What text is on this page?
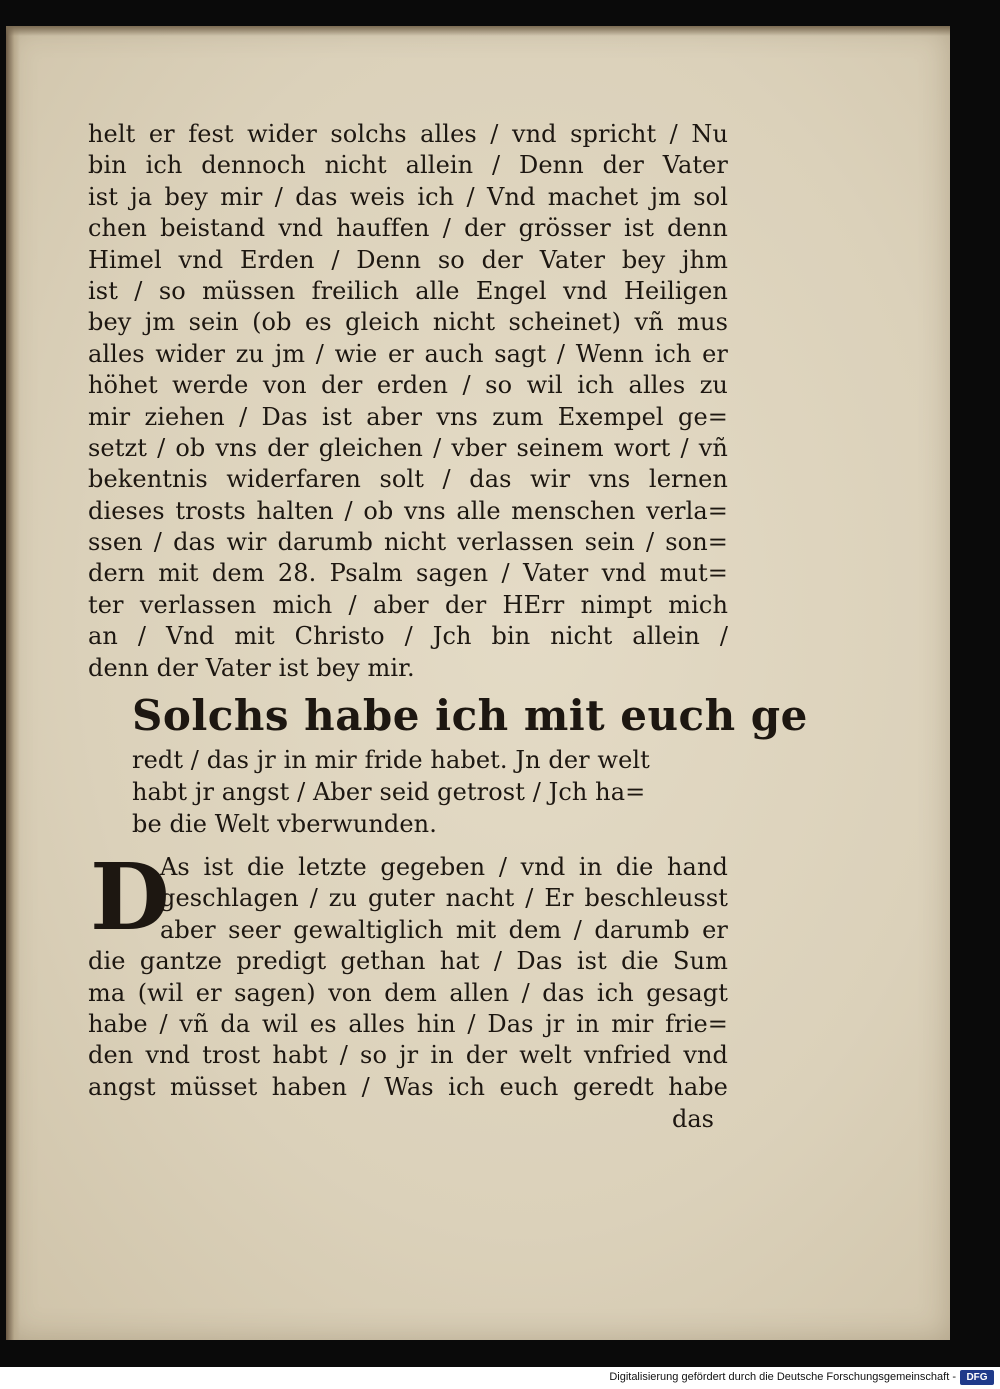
helt er fest wider solchs alles / vnd spricht / Nu
bin ich dennoch nicht allein / Denn der Vater
ist ja bey mir / das weis ich / Vnd machet jm sol
chen beistand vnd hauffen / der grösser ist denn
Himel vnd Erden / Denn so der Vater bey jhm
ist / so müssen freilich alle Engel vnd Heiligen
bey jm sein (ob es gleich nicht scheinet) vñ mus
alles wider zu jm / wie er auch sagt / Wenn ich er
höhet werde von der erden / so wil ich alles zu
mir ziehen / Das ist aber vns zum Exempel ge=
setzt / ob vns der gleichen / vber seinem wort / vñ
bekentnis widerfaren solt / das wir vns lernen
dieses trosts halten / ob vns alle menschen verla=
ssen / das wir darumb nicht verlassen sein / son=
dern mit dem 28. Psalm sagen / Vater vnd mut=
ter verlassen mich / aber der HErr nimpt mich
an / Vnd mit Christo / Jch bin nicht allein /
denn der Vater ist bey mir.
Solchs habe ich mit euch ge
redt / das jr in mir fride habet. Jn der welt
habt jr angst / Aber seid getrost / Jch ha=
be die Welt vberwunden.
D
As ist die letzte gegeben / vnd in die hand
geschlagen / zu guter nacht / Er beschleusst
aber seer gewaltiglich mit dem / darumb er
die gantze predigt gethan hat / Das ist die Sum
ma (wil er sagen) von dem allen / das ich gesagt
habe / vñ da wil es alles hin / Das jr in mir frie=
den vnd trost habt / so jr in der welt vnfried vnd
angst müsset haben / Was ich euch geredt habe
das
Digitalisierung gefördert durch die Deutsche Forschungsgemeinschaft -	DFG
